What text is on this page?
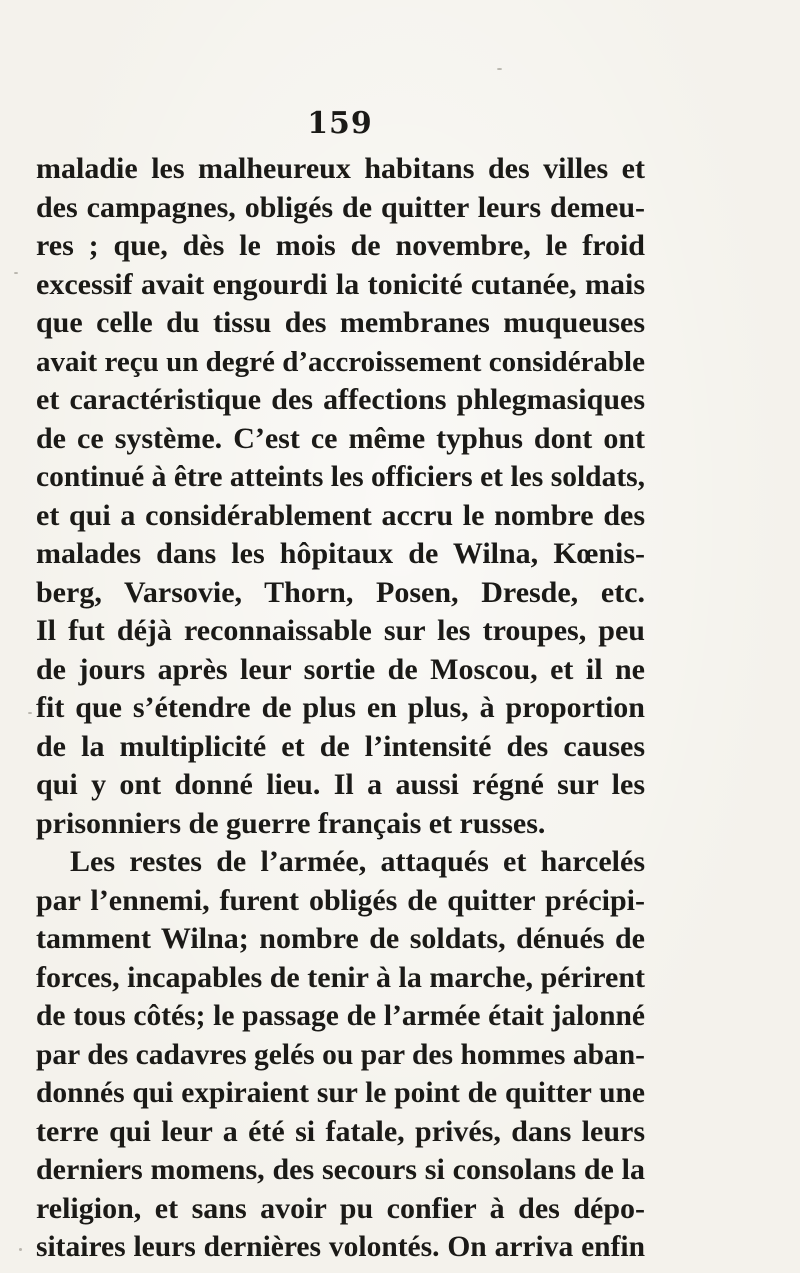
159
maladie les malheureux habitans des villes et
des campagnes, obligés de quitter leurs demeu-
res ; que, dès le mois de novembre, le froid
excessif avait engourdi la tonicité cutanée, mais
que celle du tissu des membranes muqueuses
avait reçu un degré d’accroissement considérable
et caractéristique des affections phlegmasiques
de ce système. C’est ce même typhus dont ont
continué à être atteints les officiers et les soldats,
et qui a considérablement accru le nombre des
malades dans les hôpitaux de Wilna, Kœnis-
berg, Varsovie, Thorn, Posen, Dresde, etc.
Il fut déjà reconnaissable sur les troupes, peu
de jours après leur sortie de Moscou, et il ne
fit que s’étendre de plus en plus, à proportion
de la multiplicité et de l’intensité des causes
qui y ont donné lieu. Il a aussi régné sur les
prisonniers de guerre français et russes.
Les restes de l’armée, attaqués et harcelés
par l’ennemi, furent obligés de quitter précipi-
tamment Wilna; nombre de soldats, dénués de
forces, incapables de tenir à la marche, périrent
de tous côtés; le passage de l’armée était jalonné
par des cadavres gelés ou par des hommes aban-
donnés qui expiraient sur le point de quitter une
terre qui leur a été si fatale, privés, dans leurs
derniers momens, des secours si consolans de la
religion, et sans avoir pu confier à des dépo-
sitaires leurs dernières volontés. On arriva enfin
